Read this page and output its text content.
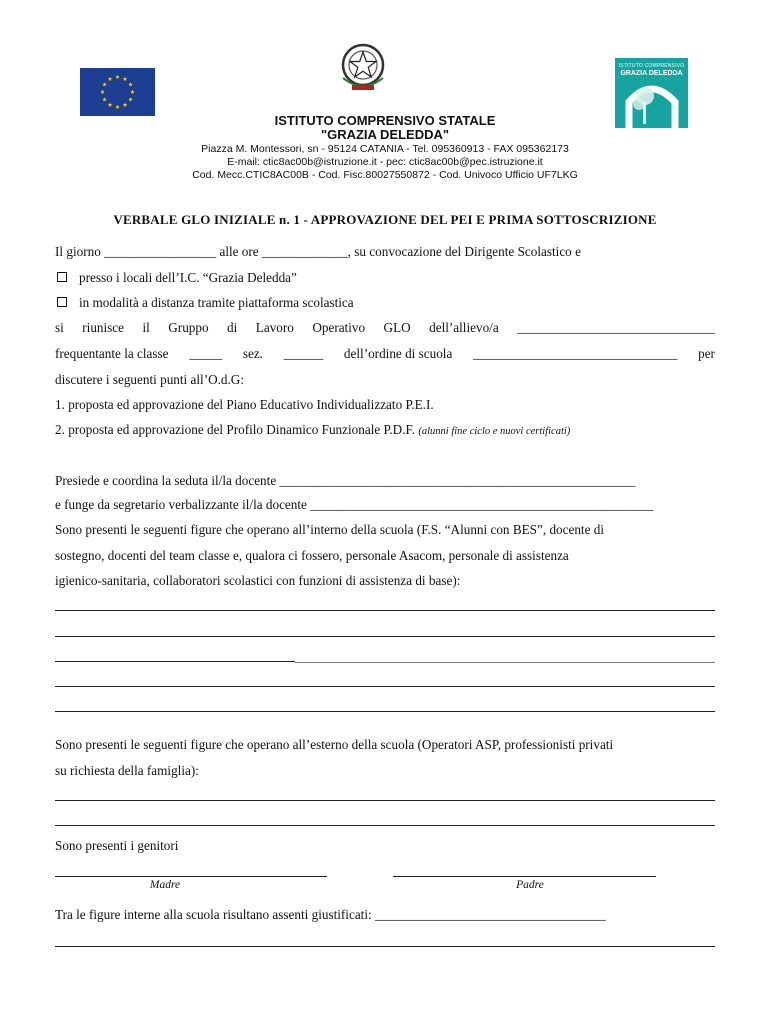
ISTITUTO COMPRENSIVO
GRAZIA DELEDDA
ISTITUTO COMPRENSIVO STATALE
"GRAZIA DELEDDA"
Piazza M. Montessori, sn - 95124 CATANIA - Tel. 095360913 - FAX 095362173
E-mail: ctic8ac00b@istruzione.it - pec: ctic8ac00b@pec.istruzione.it
Cod. Mecc.CTIC8AC00B - Cod. Fisc.80027550872 - Cod. Univoco Ufficio UF7LKG
VERBALE GLO INIZIALE n. 1 - APPROVAZIONE DEL PEI E PRIMA SOTTOSCRIZIONE
Il giorno _________________ alle ore _____________, su convocazione del Dirigente Scolastico e
presso i locali dell’I.C. “Grazia Deledda”
in modalità a distanza tramite piattaforma scolastica
si riunisce il Gruppo di Lavoro Operativo GLO dell’allievo/a ______________________________
frequentante la classe _____ sez. ______ dell’ordine di scuola _______________________________ per
discutere i seguenti punti all’O.d.G:
1. proposta ed approvazione del Piano Educativo Individualizzato P.E.I.
2. proposta ed approvazione del Profilo Dinamico Funzionale P.D.F. (alunni fine ciclo e nuovi certificati)
Presiede e coordina la seduta il/la docente ______________________________________________________
e funge da segretario verbalizzante il/la docente ____________________________________________________
Sono presenti le seguenti figure che operano all’interno della scuola (F.S. “Alunni con BES”, docente di
sostegno, docenti del team classe e, qualora ci fossero, personale Asacom, personale di assistenza
igienico-sanitaria, collaboratori scolastici con funzioni di assistenza di base):
Sono presenti le seguenti figure che operano all’esterno della scuola (Operatori ASP, professionisti privati
su richiesta della famiglia):
Sono presenti i genitori
Madre	Padre
Tra le figure interne alla scuola risultano assenti giustificati: ___________________________________
